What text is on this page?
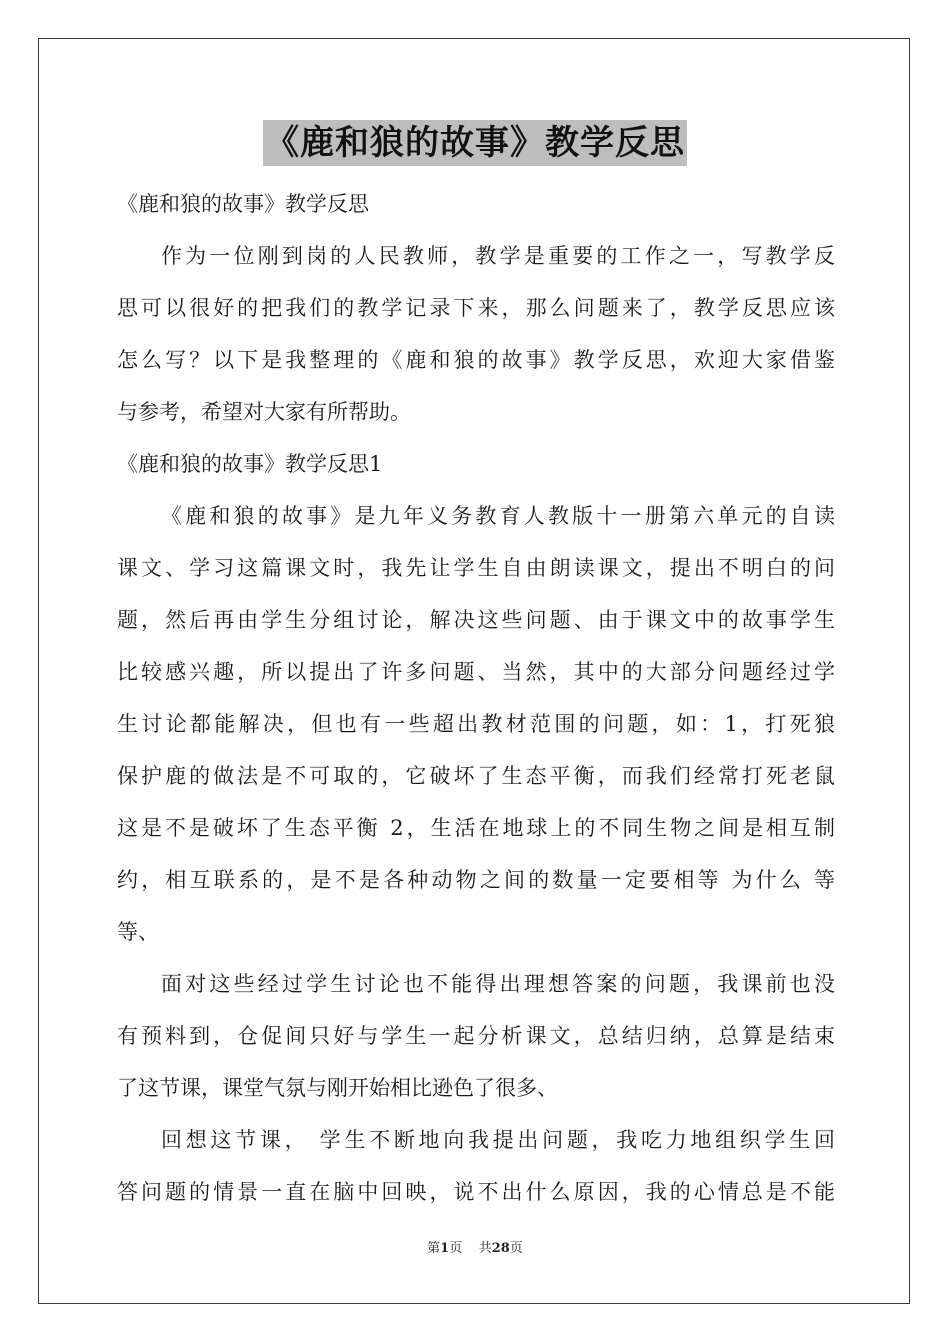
《鹿和狼的故事》教学反思
《鹿和狼的故事》教学反思
作为一位刚到岗的人民教师，教学是重要的工作之一，写教学反
思可以很好的把我们的教学记录下来，那么问题来了，教学反思应该
怎么写？以下是我整理的《鹿和狼的故事》教学反思，欢迎大家借鉴
与参考，希望对大家有所帮助。
《鹿和狼的故事》教学反思1
《鹿和狼的故事》是九年义务教育人教版十一册第六单元的自读
课文、学习这篇课文时，我先让学生自由朗读课文，提出不明白的问
题，然后再由学生分组讨论，解决这些问题、由于课文中的故事学生
比较感兴趣，所以提出了许多问题、当然，其中的大部分问题经过学
生讨论都能解决，但也有一些超出教材范围的问题，如：1，打死狼
保护鹿的做法是不可取的，它破坏了生态平衡，而我们经常打死老鼠
这是不是破坏了生态平衡 2，生活在地球上的不同生物之间是相互制
约，相互联系的，是不是各种动物之间的数量一定要相等 为什么 等
等、
面对这些经过学生讨论也不能得出理想答案的问题，我课前也没
有预料到，仓促间只好与学生一起分析课文，总结归纳，总算是结束
了这节课，课堂气氛与刚开始相比逊色了很多、
回想这节课， 学生不断地向我提出问题，我吃力地组织学生回
答问题的情景一直在脑中回映，说不出什么原因，我的心情总是不能
第1页    共28页
